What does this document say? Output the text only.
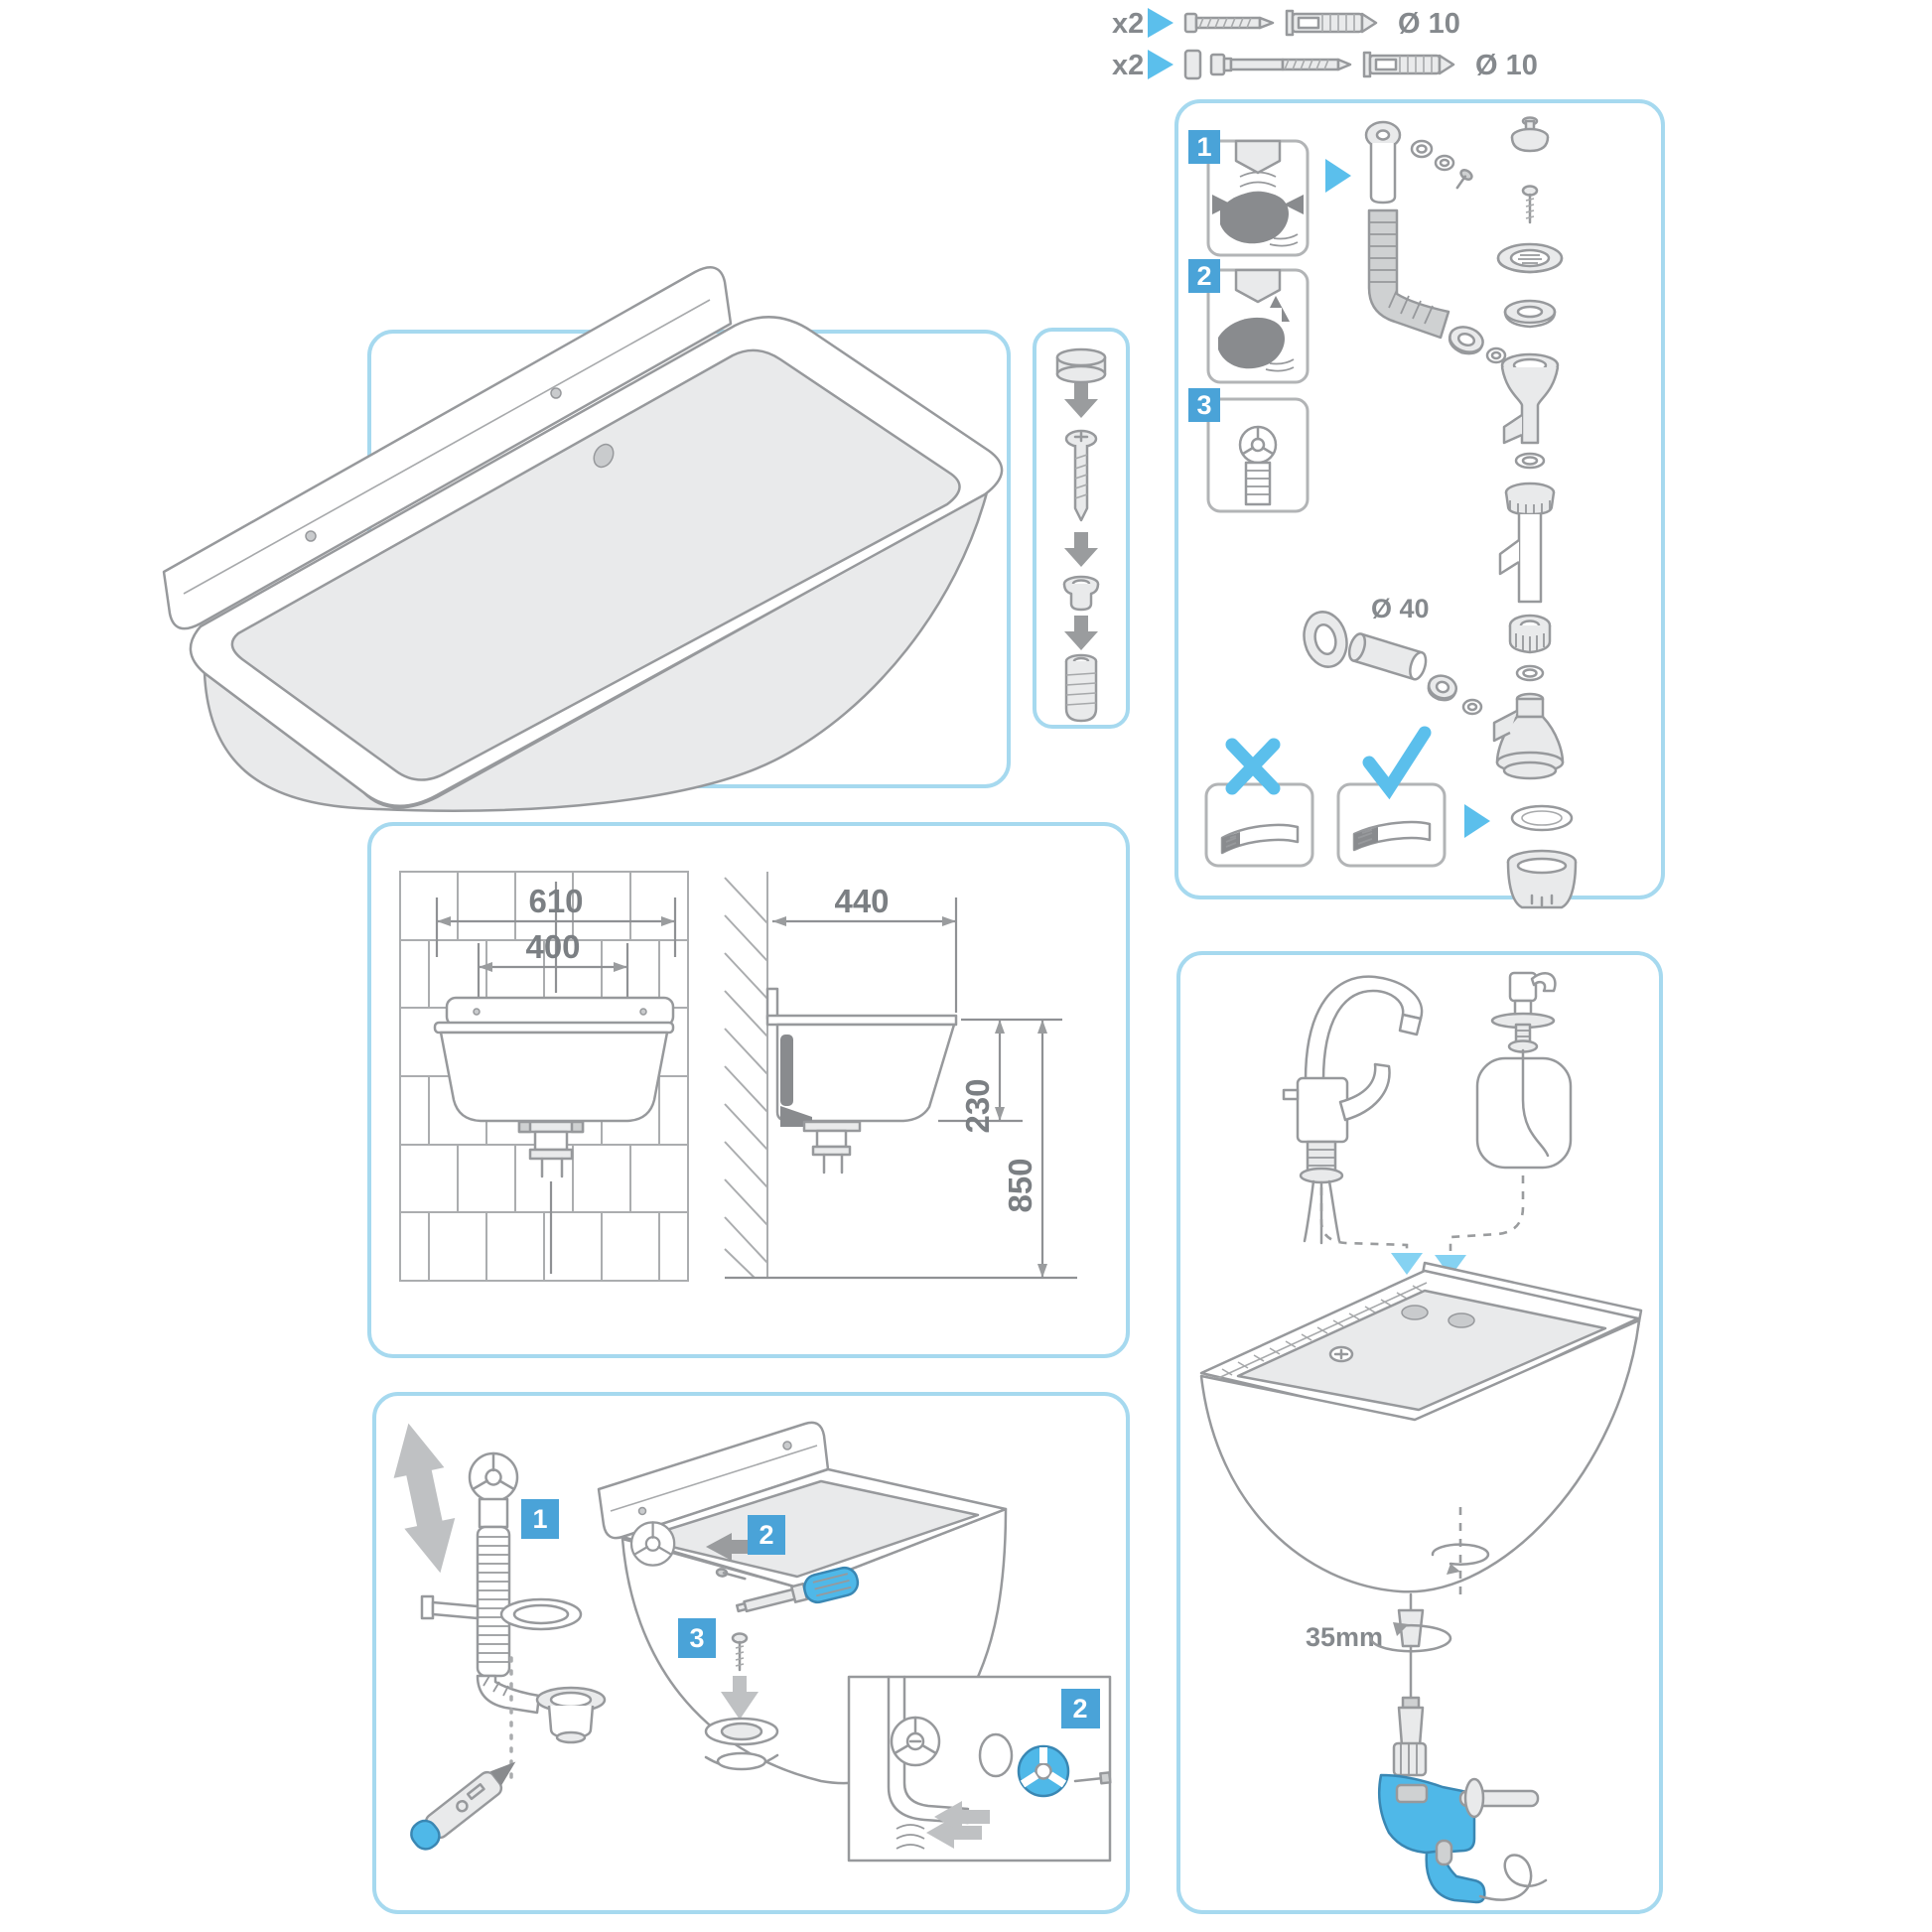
x2	Ø 10
x2	Ø 10
1
2
3
Ø 40
610
400
440
230
850
1
2
3
2
35mm
